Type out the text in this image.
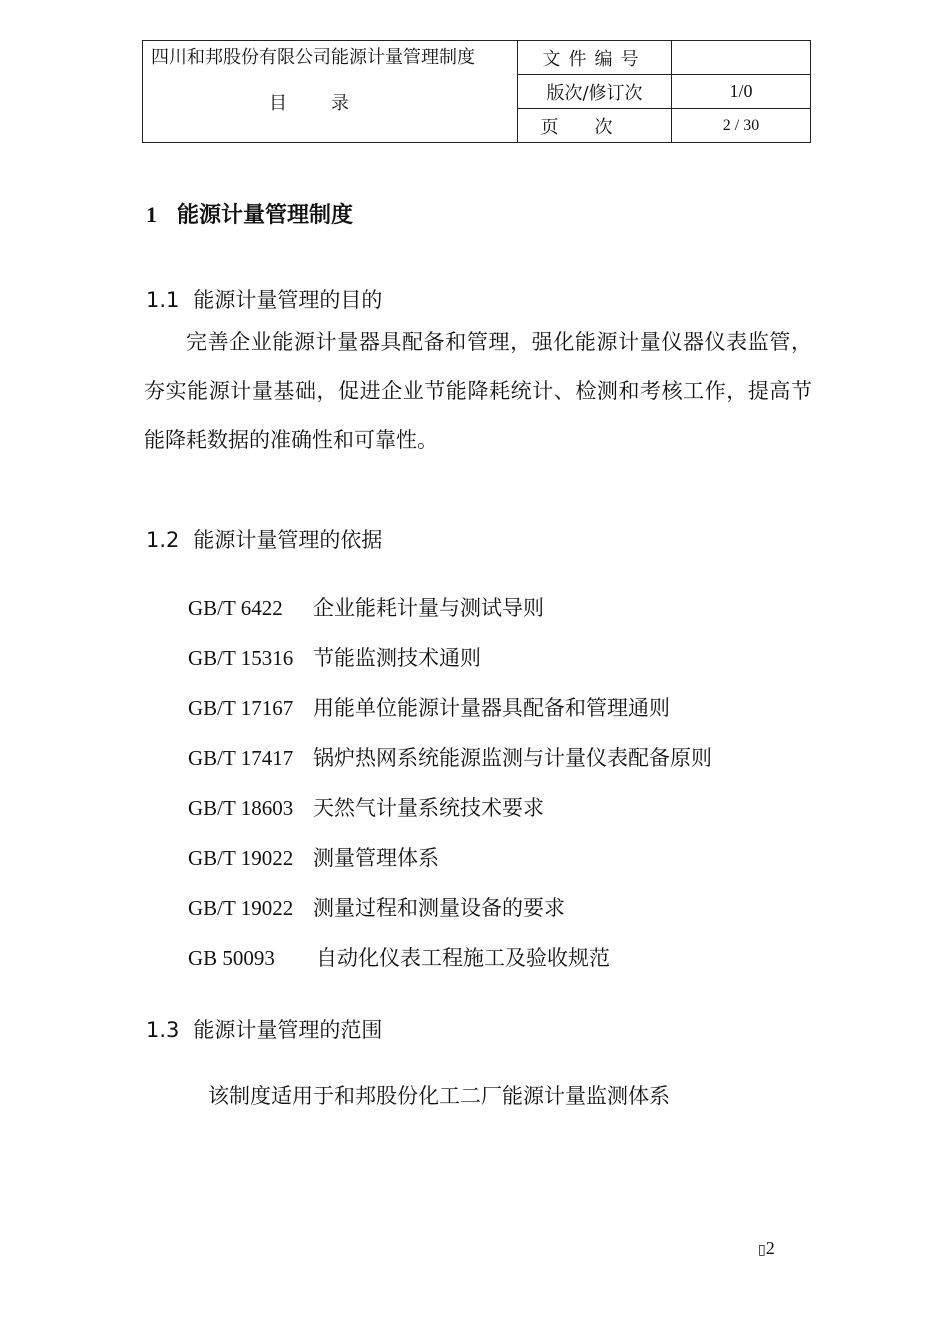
四川和邦股份有限公司能源计量管理制度
目录	文件编号	
	版次/修订次	1/0
	页次	2 / 30
1 能源计量管理制度
1.1 能源计量管理的目的

完善企业能源计量器具配备和管理，强化能源计量仪器仪表监管，夯实能源计量基础，促进企业节能降耗统计、检测和考核工作，提高节能降耗数据的准确性和可靠性。

1.2 能源计量管理的依据
GB/T 6422 企业能耗计量与测试导则
GB/T 15316 节能监测技术通则
GB/T 17167 用能单位能源计量器具配备和管理通则
GB/T 17417 锅炉热网系统能源监测与计量仪表配备原则
GB/T 18603 天然气计量系统技术要求
GB/T 19022 测量管理体系
GB/T 19022 测量过程和测量设备的要求
GB 50093 自动化仪表工程施工及验收规范
1.3 能源计量管理的范围
该制度适用于和邦股份化工二厂能源计量监测体系
▯2
